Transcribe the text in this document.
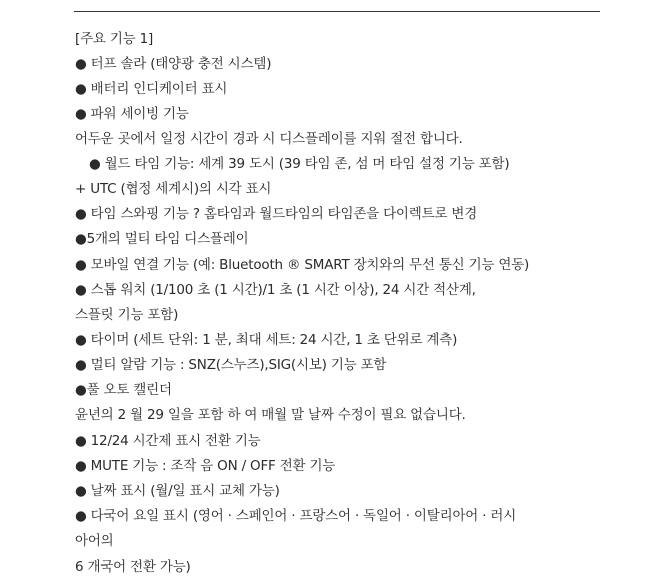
[주요 기능 1]
● 터프 솔라 (태양광 충전 시스템)
● 배터리 인디케이터 표시
● 파워 세이빙 기능
어두운 곳에서 일정 시간이 경과 시 디스플레이를 지워 절전 합니다.
● 월드 타임 기능: 세계 39 도시 (39 타임 존, 섬 머 타임 설정 기능 포함)
+ UTC (협정 세계시)의 시각 표시
● 타임 스와핑 기능 ? 홈타임과 월드타임의 타임존을 다이렉트로 변경
●5개의 멀티 타임 디스플레이
● 모바일 연결 기능 (예: Bluetooth ® SMART 장치와의 무선 통신 기능 연동)
● 스톱 워치 (1/100 초 (1 시간)/1 초 (1 시간 이상), 24 시간 적산계,
스플릿 기능 포함)
● 타이머 (세트 단위: 1 분, 최대 세트: 24 시간, 1 초 단위로 계측)
● 멀티 알람 기능 : SNZ(스누즈),SIG(시보) 기능 포함
●풀 오토 캘린더
윤년의 2 월 29 일을 포함 하 여 매월 말 날짜 수정이 필요 없습니다.
● 12/24 시간제 표시 전환 기능
● MUTE 기능 : 조작 음 ON / OFF 전환 기능
● 날짜 표시 (월/일 표시 교체 가능)
● 다국어 요일 표시 (영어 · 스페인어 · 프랑스어 · 독일어 · 이탈리아어 · 러시
아어의
6 개국어 전환 가능)
